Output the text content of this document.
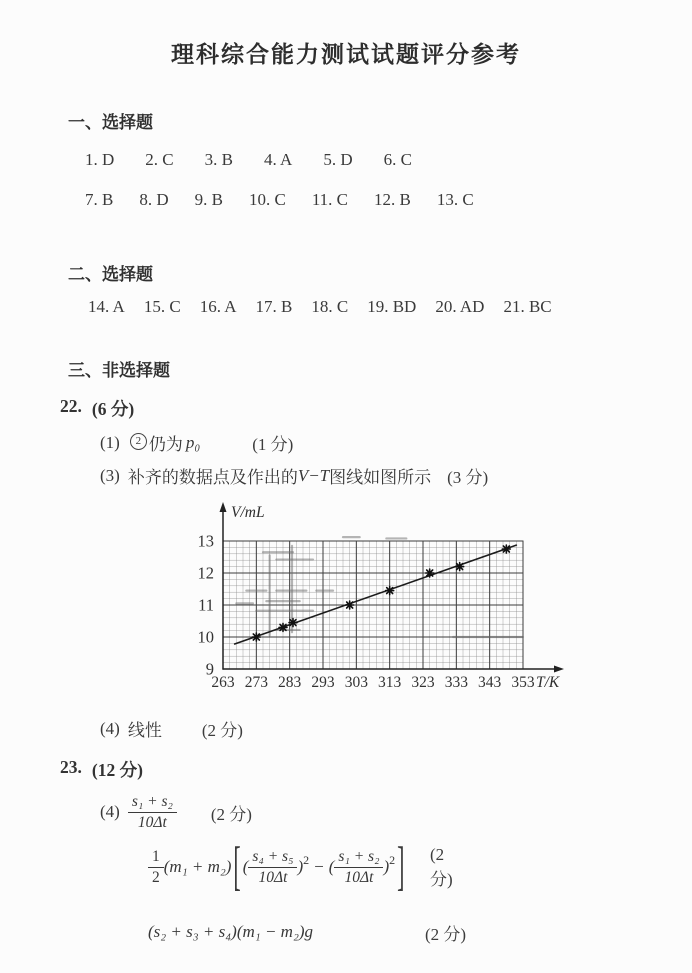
理科综合能力测试试题评分参考
一、选择题
1. D 2. C 3. B 4. A 5. D 6. C
7. B 8. D 9. B 10. C 11. C 12. B 13. C
二、选择题
14. A 15. C 16. A 17. B 18. C 19. BD 20. AD 21. BC
三、非选择题
22. (6 分)
(1)	2 仍为 p₀	(1 分)
(3) 补齐的数据点及作出的 V−T 图线如图所示 (3 分)
263 273 283 293 303 313 323 333 343 353
9
10
11
12
13
V/mL
T/K
(4) 线性 (2 分)
23. (12 分)
$(4) \frac{\text{s₁ + s₂}}{10\Delta t} (2$ 分)
$\frac{1}{2} (m_1 + m_2)$ [ ( $\frac{\text{s₄ + s₅}}{10\Delta t}$ ) 2 − ( $\frac{\text{s₁ + s₂}}{10\Delta t}$ ) 2 ] (2 分)
(s₂ + s₃ + s₄)(m₁ − m₂)g	(2 分)
